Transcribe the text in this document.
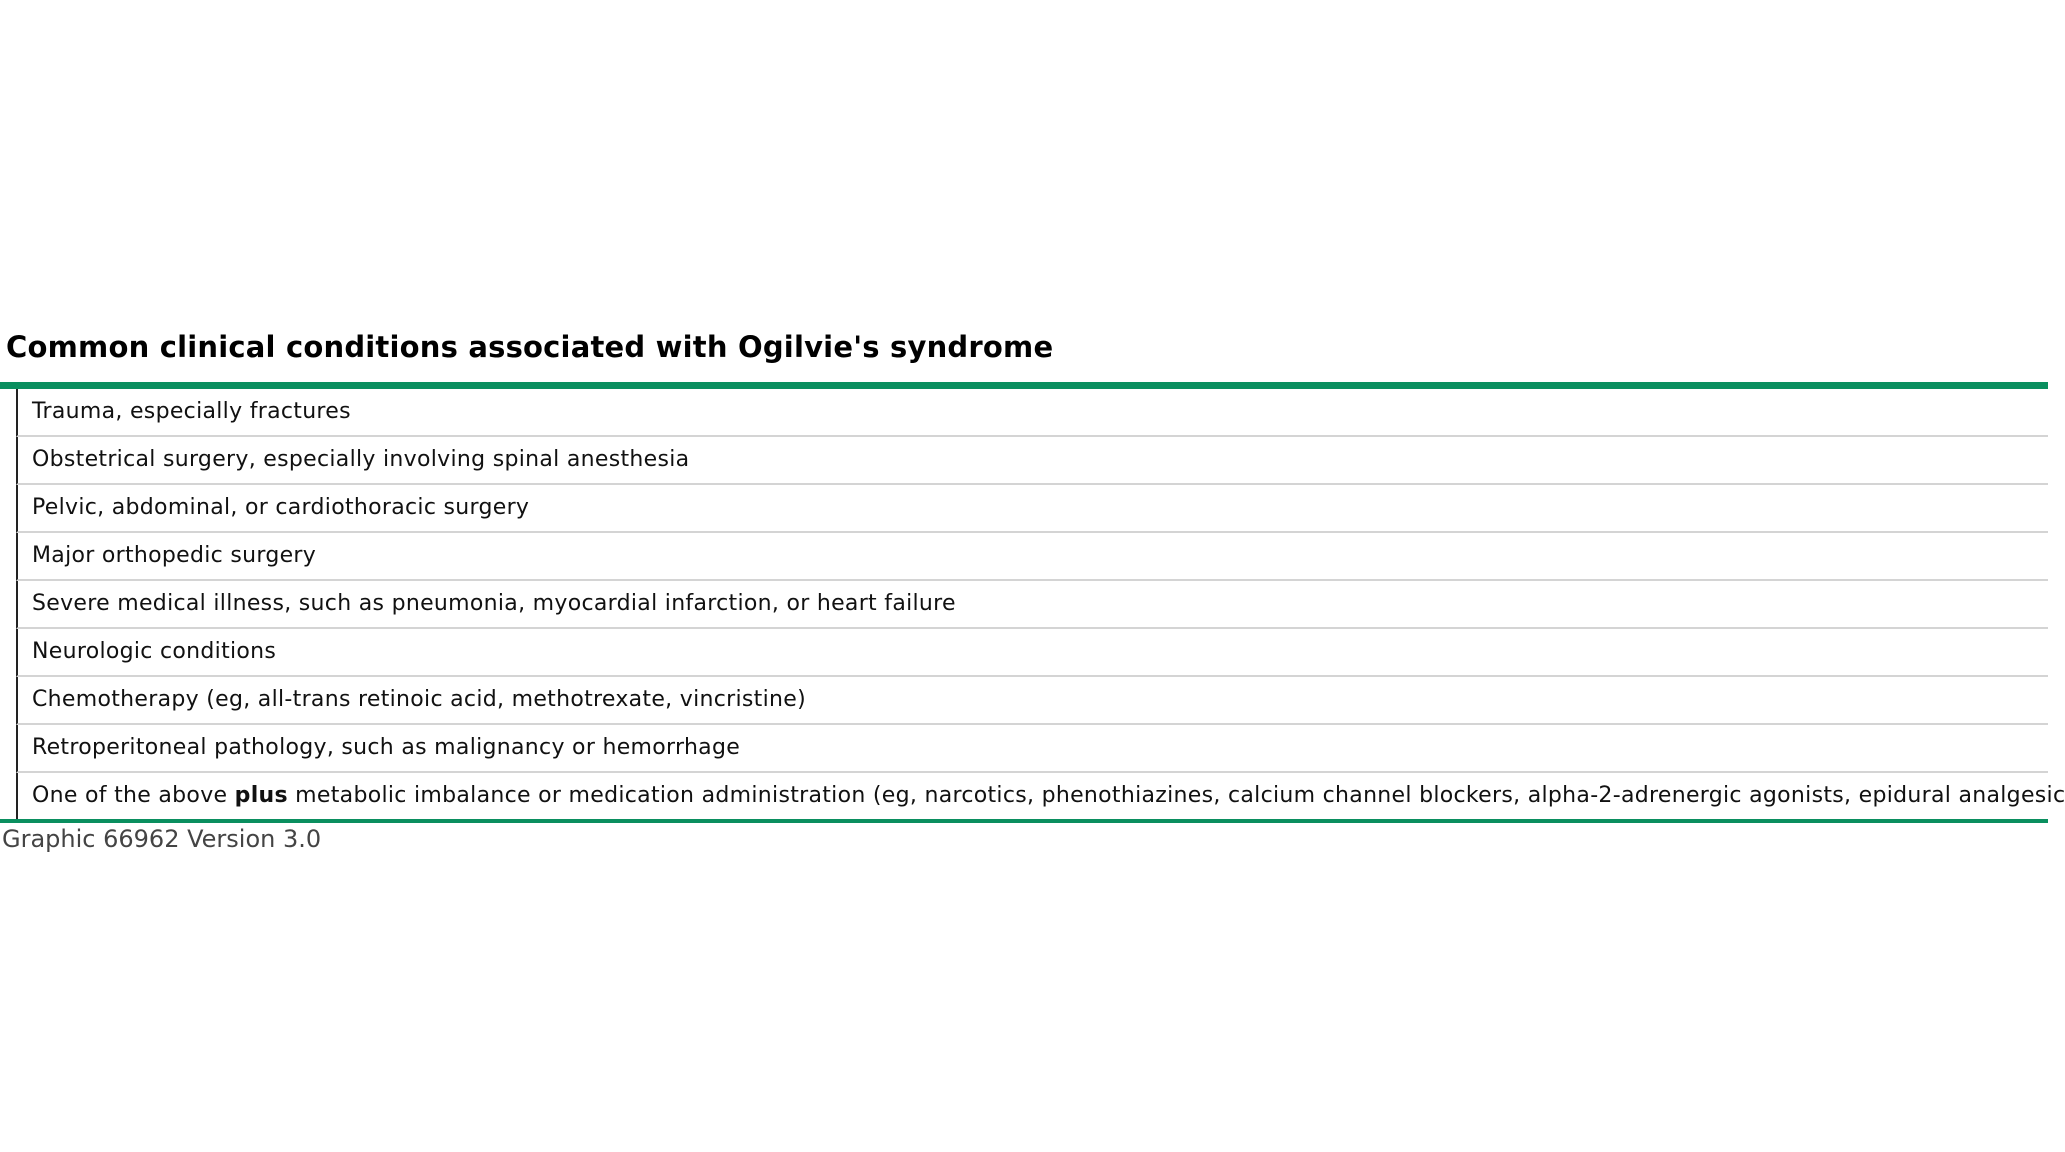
Common clinical conditions associated with Ogilvie's syndrome
Trauma, especially fractures
Obstetrical surgery, especially involving spinal anesthesia
Pelvic, abdominal, or cardiothoracic surgery
Major orthopedic surgery
Severe medical illness, such as pneumonia, myocardial infarction, or heart failure
Neurologic conditions
Chemotherapy (eg, all-trans retinoic acid, methotrexate, vincristine)
Retroperitoneal pathology, such as malignancy or hemorrhage
One of the above plus metabolic imbalance or medication administration (eg, narcotics, phenothiazines, calcium channel blockers, alpha-2-adrenergic agonists, epidural analgesic
Graphic 66962 Version 3.0
